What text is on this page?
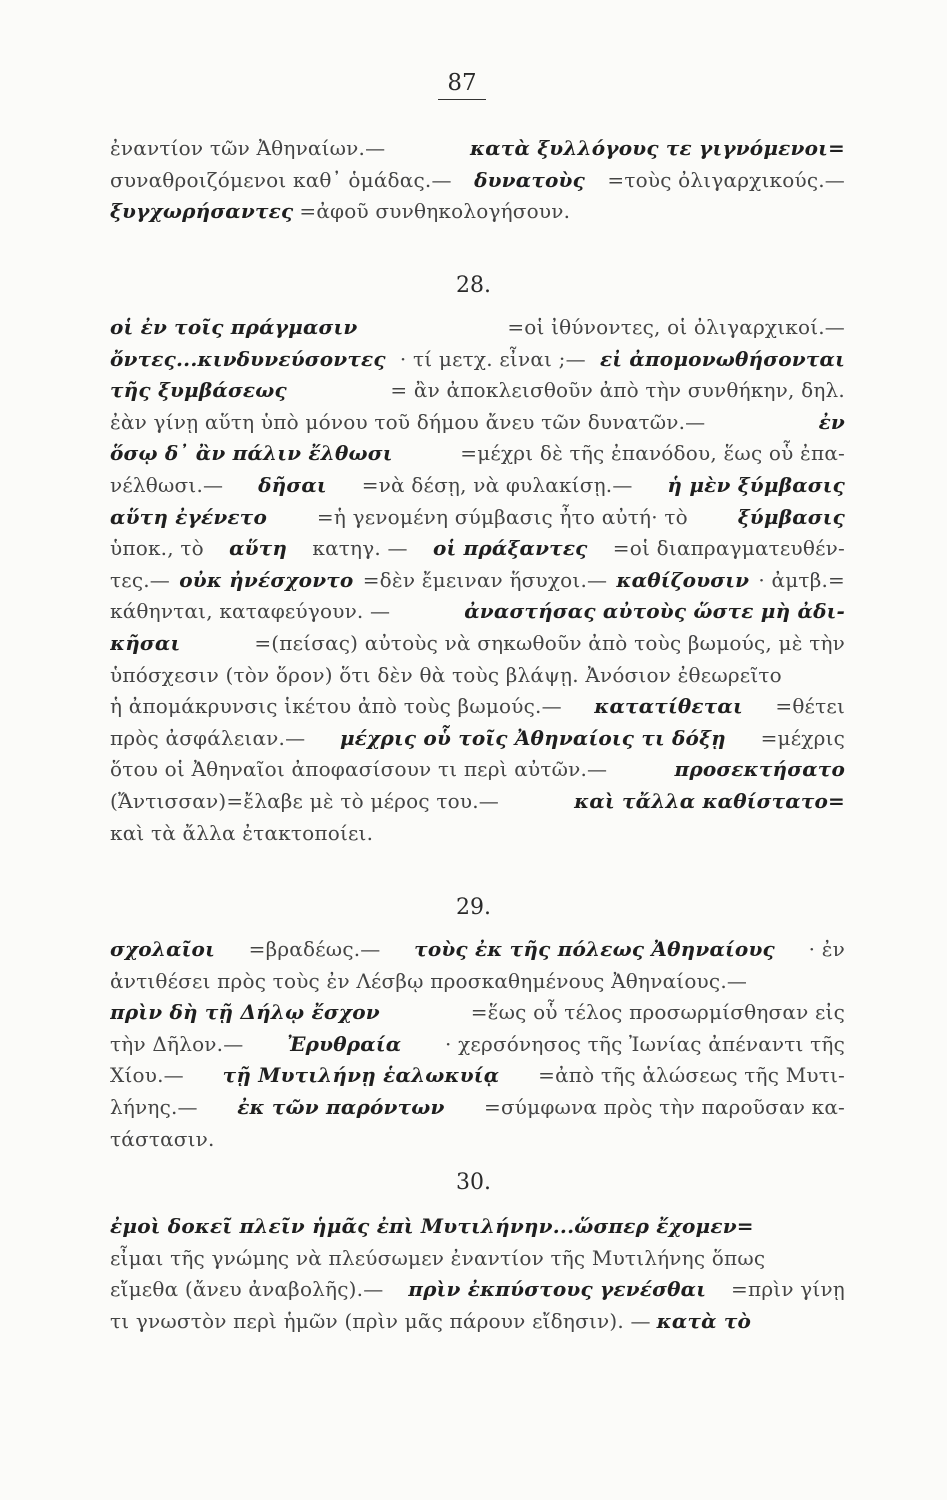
87
28.
29.
30.
ἐναντίον τῶν Ἀθηναίων.—	κατὰ ξυλλόγους τε γιγνόμενοι=
συναθροιζόμενοι καθ᾿ ὁμάδας.— δυνατοὺς =τοὺς ὀλιγαρχικούς.—
ξυγχωρήσαντες =ἀφοῦ συνθηκολογήσουν.
οἱ ἐν τοῖς πράγμασιν	=οἱ ἰθύνοντες, οἱ ὀλιγαρχικοί.—
ὄντες...κινδυνεύσοντες · τί μετχ. εἶναι ;— εἰ ἀπομονωθήσονται
τῆς ξυμβάσεως	= ἂν ἀποκλεισθοῦν ἀπὸ τὴν συνθήκην, δηλ.
ἐὰν γίνῃ αὕτη ὑπὸ μόνου τοῦ δήμου ἄνευ τῶν δυνατῶν.—	ἐν
ὅσῳ δ᾿ ἂν πάλιν ἔλθωσι	=μέχρι δὲ τῆς ἐπανόδου, ἕως οὗ ἐπα-
νέλθωσι.— δῆσαι =νὰ δέσῃ, νὰ φυλακίσῃ.— ἡ μὲν ξύμβασις
αὕτη ἐγένετο =ἡ γενομένη σύμβασις ἦτο αὐτή· τὸ ξύμβασις
ὑποκ., τὸ αὕτη κατηγ. — οἱ πράξαντες =οἱ διαπραγματευθέν-
τες.— οὐκ ἠνέσχοντο =δὲν ἔμειναν ἥσυχοι.— καθίζουσιν · ἀμτβ.=
κάθηνται, καταφεύγουν. —	ἀναστήσας αὐτοὺς ὥστε μὴ ἀδι-
κῆσαι	=(πείσας) αὐτοὺς νὰ σηκωθοῦν ἀπὸ τοὺς βωμούς, μὲ τὴν
ὑπόσχεσιν (τὸν ὅρον) ὅτι δὲν θὰ τοὺς βλάψῃ. Ἀνόσιον ἐθεωρεῖτο
ἡ ἀπομάκρυνσις ἱκέτου ἀπὸ τοὺς βωμούς.— κατατίθεται =θέτει
πρὸς ἀσφάλειαν.— μέχρις οὗ τοῖς Ἀθηναίοις τι δόξῃ =μέχρις
ὅτου οἱ Ἀθηναῖοι ἀποφασίσουν τι περὶ αὐτῶν.—	προσεκτήσατο
(Ἄντισσαν)=ἔλαβε μὲ τὸ μέρος του.—	καὶ τἄλλα καθίστατο=
καὶ τὰ ἄλλα ἐτακτοποίει.
σχολαῖοι =βραδέως.— τοὺς ἐκ τῆς πόλεως Ἀθηναίους · ἐν
ἀντιθέσει πρὸς τοὺς ἐν Λέσβῳ προσκαθημένους Ἀθηναίους.—
πρὶν δὴ τῇ Δήλῳ ἔσχον	=ἕως οὗ τέλος προσωρμίσθησαν εἰς
τὴν Δῆλον.— Ἐρυθραία · χερσόνησος τῆς Ἰωνίας ἀπέναντι τῆς
Χίου.— τῇ Μυτιλήνῃ ἑαλωκυίᾳ =ἀπὸ τῆς ἁλώσεως τῆς Μυτι-
λήνης.— ἐκ τῶν παρόντων =σύμφωνα πρὸς τὴν παροῦσαν κα-
τάστασιν.
ἐμοὶ δοκεῖ πλεῖν ἡμᾶς ἐπὶ Μυτιλήνην...ὥσπερ ἔχομεν=
εἶμαι τῆς γνώμης νὰ πλεύσωμεν ἐναντίον τῆς Μυτιλήνης ὅπως
εἴμεθα (ἄνευ ἀναβολῆς).— πρὶν ἐκπύστους γενέσθαι =πρὶν γίνῃ
τι γνωστὸν περὶ ἡμῶν (πρὶν μᾶς πάρουν εἴδησιν). — κατὰ τὸ
